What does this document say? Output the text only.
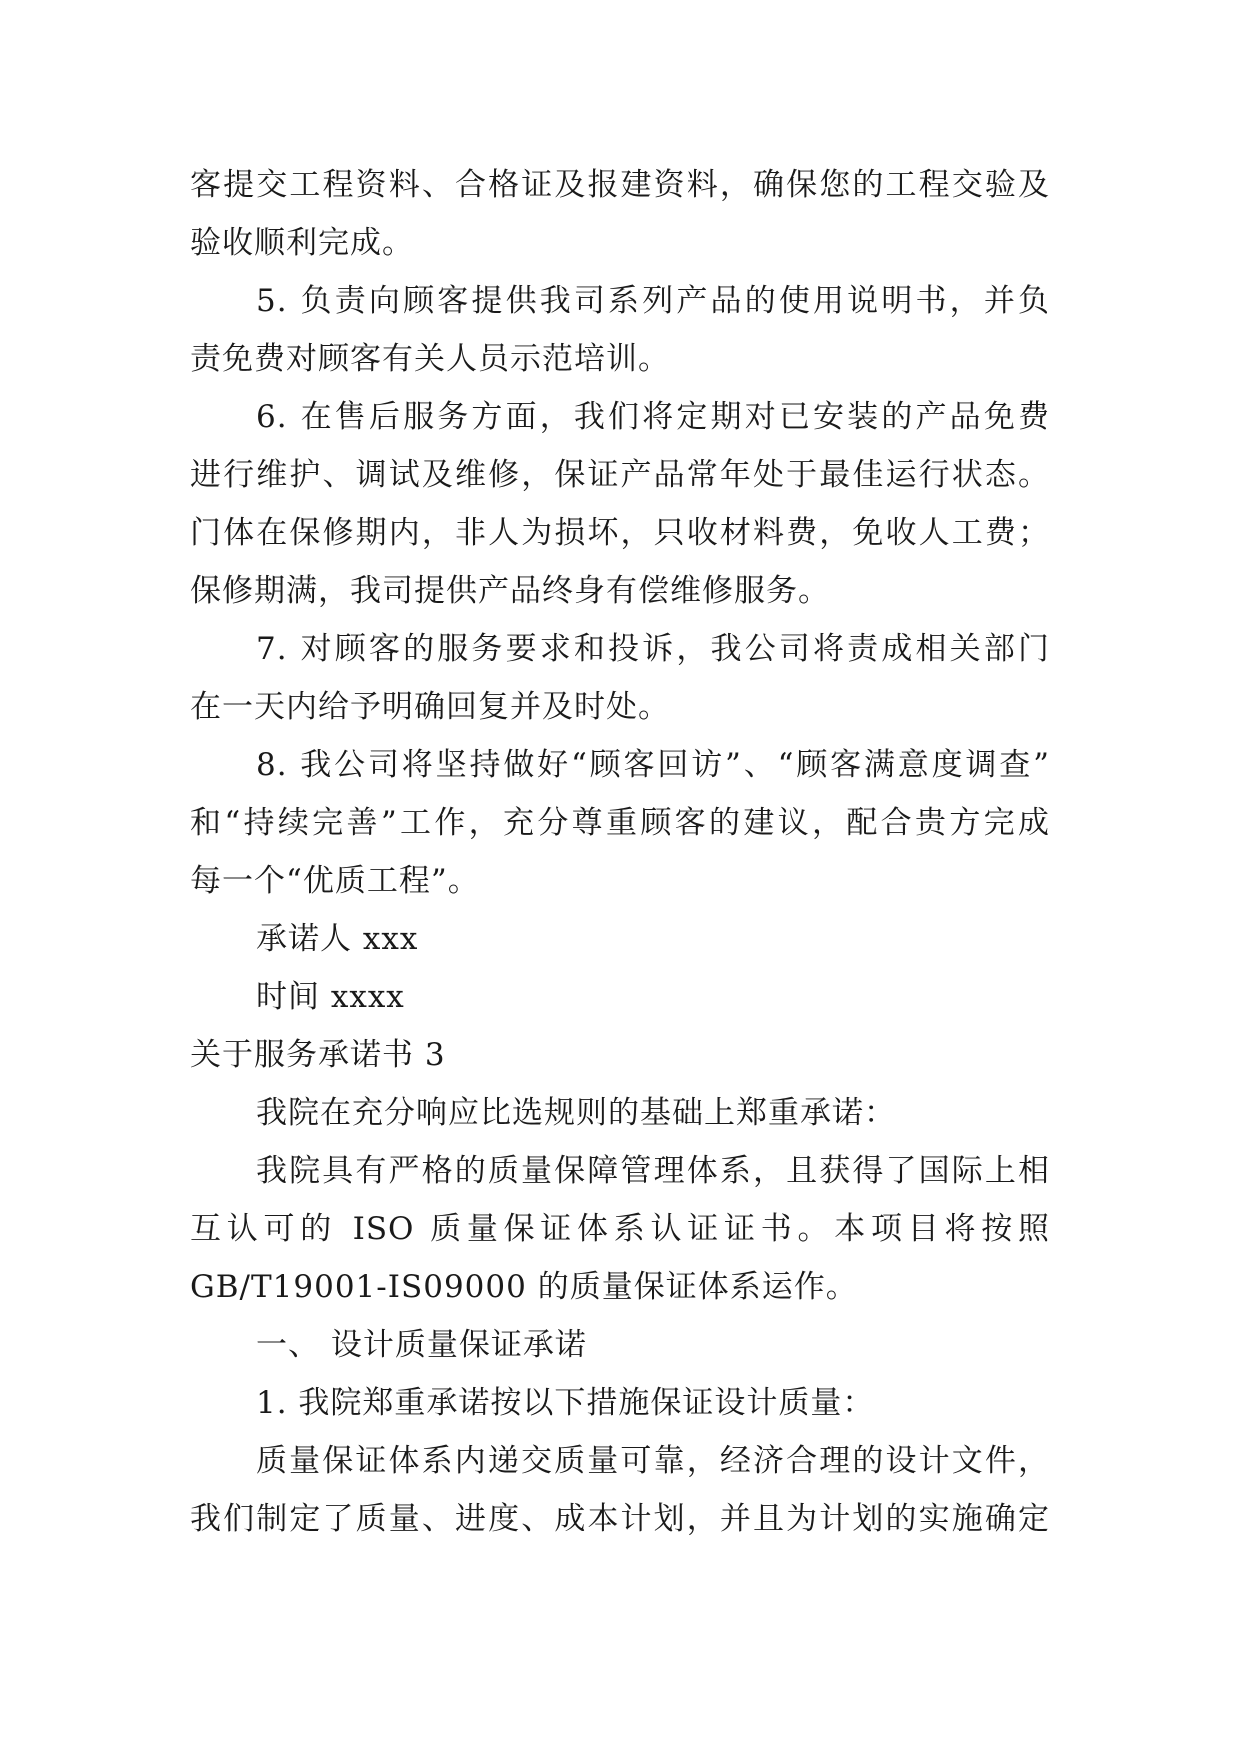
客提交工程资料、合格证及报建资料，确保您的工程交验及
验收顺利完成。
5. 负责向顾客提供我司系列产品的使用说明书，并负
责免费对顾客有关人员示范培训。
6. 在售后服务方面，我们将定期对已安装的产品免费
进行维护、调试及维修，保证产品常年处于最佳运行状态。
门体在保修期内，非人为损坏，只收材料费，免收人工费；
保修期满，我司提供产品终身有偿维修服务。
7. 对顾客的服务要求和投诉，我公司将责成相关部门
在一天内给予明确回复并及时处。
8. 我公司将坚持做好“顾客回访”、“顾客满意度调查”
和“持续完善”工作，充分尊重顾客的建议，配合贵方完成
每一个“优质工程”。
承诺人 xxx
时间 xxxx
关于服务承诺书 3
我院在充分响应比选规则的基础上郑重承诺：
我院具有严格的质量保障管理体系，且获得了国际上相
互认可的 ISO 质量保证体系认证证书。本项目将按照
GB/T19001-IS09000 的质量保证体系运作。
一、 设计质量保证承诺
1. 我院郑重承诺按以下措施保证设计质量：
质量保证体系内递交质量可靠，经济合理的设计文件，
我们制定了质量、进度、成本计划，并且为计划的实施确定
